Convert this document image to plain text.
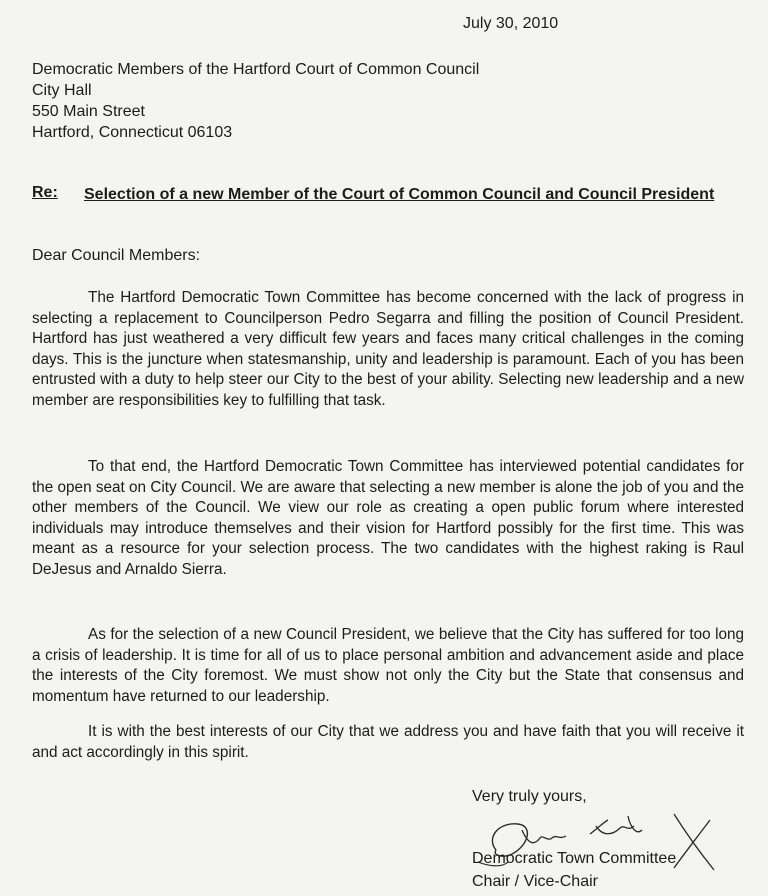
July 30, 2010
Democratic Members of the Hartford Court of Common Council
City Hall
550 Main Street
Hartford, Connecticut 06103
Re: Selection of a new Member of the Court of Common Council and Council President
Dear Council Members:

The Hartford Democratic Town Committee has become concerned with the lack of progress in selecting a replacement to Councilperson Pedro Segarra and filling the position of Council President. Hartford has just weathered a very difficult few years and faces many critical challenges in the coming days. This is the juncture when statesmanship, unity and leadership is paramount. Each of you has been entrusted with a duty to help steer our City to the best of your ability. Selecting new leadership and a new member are responsibilities key to fulfilling that task.

To that end, the Hartford Democratic Town Committee has interviewed potential candidates for the open seat on City Council. We are aware that selecting a new member is alone the job of you and the other members of the Council. We view our role as creating a open public forum where interested individuals may introduce themselves and their vision for Hartford possibly for the first time. This was meant as a resource for your selection process. The two candidates with the highest raking is Raul DeJesus and Arnaldo Sierra.

As for the selection of a new Council President, we believe that the City has suffered for too long a crisis of leadership. It is time for all of us to place personal ambition and advancement aside and place the interests of the City foremost. We must show not only the City but the State that consensus and momentum have returned to our leadership.

It is with the best interests of our City that we address you and have faith that you will receive it and act accordingly in this spirit.

Very truly yours,
Democratic Town Committee
Chair / Vice-Chair
